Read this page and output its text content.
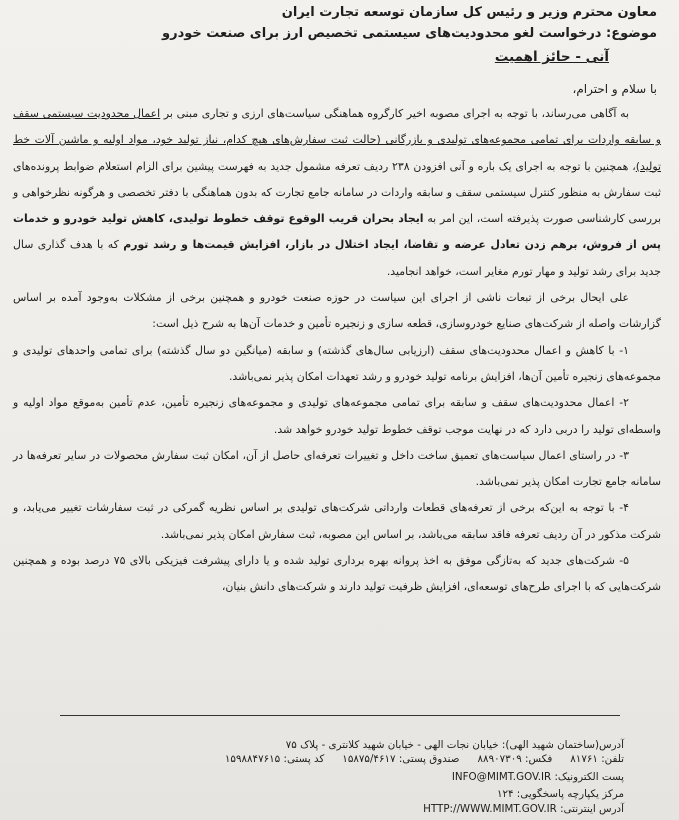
معاون محترم وزیر و رئیس کل سازمان توسعه تجارت ایران
موضوع: درخواست لغو محدودیت‌های سیستمی تخصیص ارز برای صنعت خودرو
آنی - حائز اهمیت
با سلام و احترام،

به آگاهی می‌رساند، با توجه به اجرای مصوبه اخیر کارگروه هماهنگی سیاست‌های ارزی و تجاری مبنی بر اعمال محدودیت سیستمی سقف و سابقه واردات برای تمامی مجموعه‌های تولیدی و بازرگانی (حالت ثبت سفارش‌های هیچ کدام، نیاز تولید خود، مواد اولیه و ماشین آلات خط تولید)، همچنین با توجه به اجرای یک باره و آنی افزودن ۲۳۸ ردیف تعرفه مشمول جدید به فهرست پیشین برای الزام استعلام ضوابط پرونده‌های ثبت سفارش به منظور کنترل سیستمی سقف و سابقه واردات در سامانه جامع تجارت که بدون هماهنگی با دفتر تخصصی و هرگونه نظرخواهی و بررسی کارشناسی صورت پذیرفته است، این امر به ایجاد بحران قریب الوقوع توقف خطوط تولیدی، کاهش تولید خودرو و خدمات پس از فروش، برهم زدن تعادل عرضه و تقاضا، ایجاد اختلال در بازار، افزایش قیمت‌ها و رشد تورم که با هدف گذاری سال جدید برای رشد تولید و مهار تورم مغایر است، خواهد انجامید.

علی ایحال برخی از تبعات ناشی از اجرای این سیاست در حوزه صنعت خودرو و همچنین برخی از مشکلات به‌وجود آمده بر اساس گزارشات واصله از شرکت‌های صنایع خودروسازی، قطعه سازی و زنجیره تأمین و خدمات آن‌ها به شرح ذیل است:

۱- با کاهش و اعمال محدودیت‌های سقف (ارزیابی سال‌های گذشته) و سابقه (میانگین دو سال گذشته) برای تمامی واحدهای تولیدی و مجموعه‌های زنجیره تأمین آن‌ها، افزایش برنامه تولید خودرو و رشد تعهدات امکان پذیر نمی‌باشد.

۲- اعمال محدودیت‌های سقف و سابقه برای تمامی مجموعه‌های تولیدی و مجموعه‌های زنجیره تأمین، عدم تأمین به‌موقع مواد اولیه و واسطه‌ای تولید را دربی دارد که در نهایت موجب توقف خطوط تولید خودرو خواهد شد.

۳- در راستای اعمال سیاست‌های تعمیق ساخت داخل و تغییرات تعرفه‌ای حاصل از آن، امکان ثبت سفارش محصولات در سایر تعرفه‌ها در سامانه جامع تجارت امکان پذیر نمی‌باشد.

۴- با توجه به این‌که برخی از تعرفه‌های قطعات وارداتی شرکت‌های تولیدی بر اساس نظریه گمرکی در ثبت سفارشات تغییر می‌یابد، و شرکت مذکور در آن ردیف تعرفه فاقد سابقه می‌باشد، بر اساس این مصوبه، ثبت سفارش امکان پذیر نمی‌باشد.

۵- شرکت‌های جدید که به‌تازگی موفق به اخذ پروانه بهره برداری تولید شده و یا دارای پیشرفت فیزیکی بالای ۷۵ درصد بوده و همچنین شرکت‌هایی که با اجرای طرح‌های توسعه‌ای، افزایش ظرفیت تولید دارند و شرکت‌های دانش بنیان،

آدرس(ساختمان شهید الهی): خیابان نجات الهی - خیابان شهید کلانتری - پلاک ۷۵
تلفن: ۸۱۷۶۱فکس: ۸۸۹۰۷۳۰۹صندوق پستی: ۱۵۸۷۵/۴۶۱۷کد پستی: ۱۵۹۸۸۴۷۶۱۵
پست الکترونیک: INFO@MIMT.GOV.IR
مرکز یکپارچه پاسخگویی: ۱۲۴
آدرس اینترنتی: HTTP://WWW.MIMT.GOV.IR
